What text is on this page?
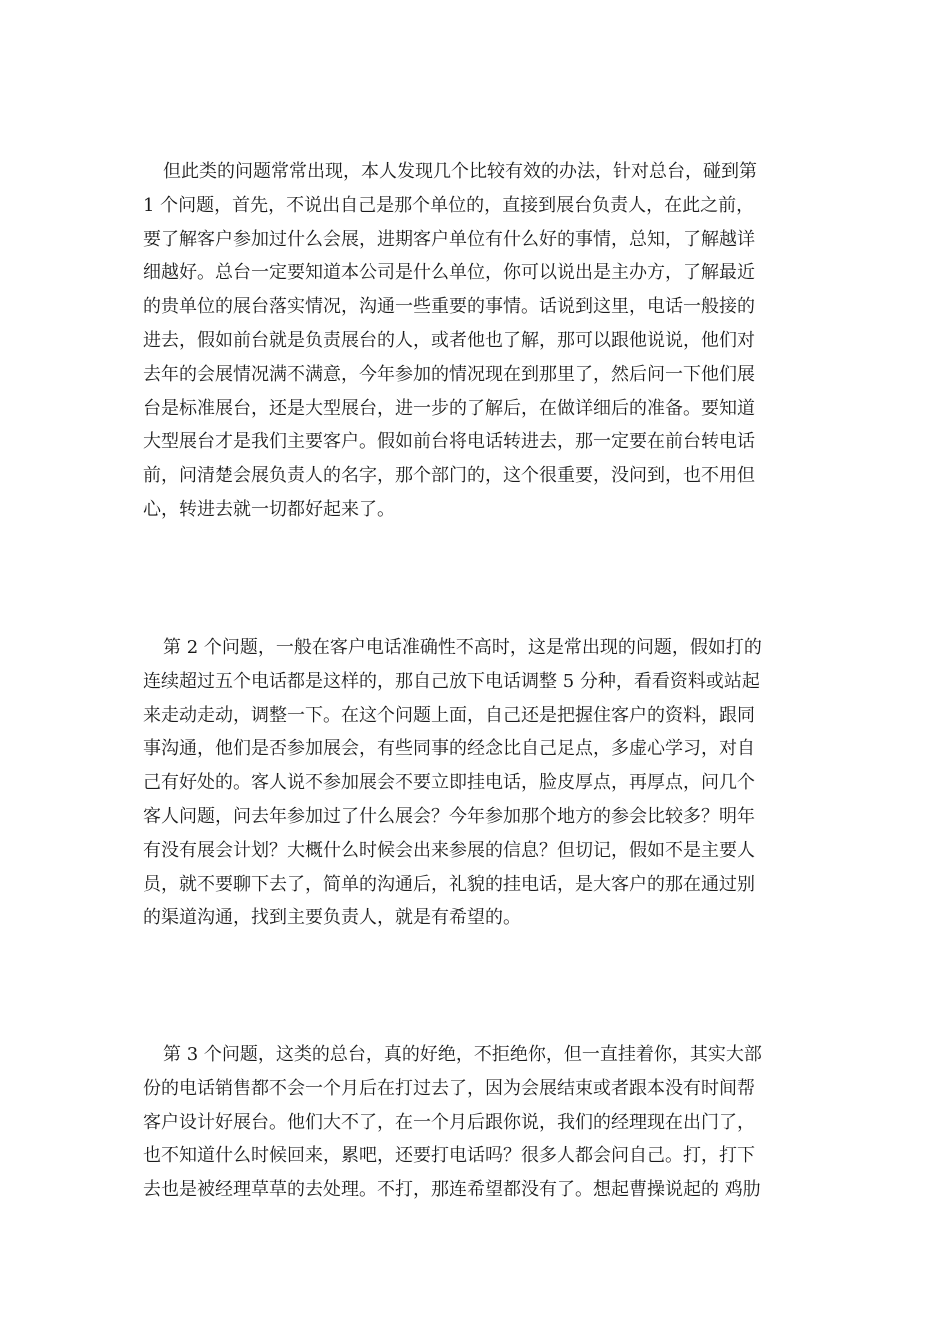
但此类的问题常常出现，本人发现几个比较有效的办法，针对总台，碰到第
1 个问题，首先，不说出自己是那个单位的，直接到展台负责人，在此之前，
要了解客户参加过什么会展，进期客户单位有什么好的事情，总知，了解越详
细越好。总台一定要知道本公司是什么单位，你可以说出是主办方，了解最近
的贵单位的展台落实情况，沟通一些重要的事情。话说到这里，电话一般接的
进去，假如前台就是负责展台的人，或者他也了解，那可以跟他说说，他们对
去年的会展情况满不满意，今年参加的情况现在到那里了，然后问一下他们展
台是标准展台，还是大型展台，进一步的了解后，在做详细后的准备。要知道
大型展台才是我们主要客户。假如前台将电话转进去，那一定要在前台转电话
前，问清楚会展负责人的名字，那个部门的，这个很重要，没问到，也不用但
心，转进去就一切都好起来了。
第 2 个问题，一般在客户电话准确性不高时，这是常出现的问题，假如打的
连续超过五个电话都是这样的，那自己放下电话调整 5 分种，看看资料或站起
来走动走动，调整一下。在这个问题上面，自己还是把握住客户的资料，跟同
事沟通，他们是否参加展会，有些同事的经念比自己足点，多虚心学习，对自
己有好处的。客人说不参加展会不要立即挂电话，脸皮厚点，再厚点，问几个
客人问题，问去年参加过了什么展会？今年参加那个地方的参会比较多？明年
有没有展会计划？大概什么时候会出来参展的信息？但切记，假如不是主要人
员，就不要聊下去了，简单的沟通后，礼貌的挂电话，是大客户的那在通过别
的渠道沟通，找到主要负责人，就是有希望的。
第 3 个问题，这类的总台，真的好绝，不拒绝你，但一直挂着你，其实大部
份的电话销售都不会一个月后在打过去了，因为会展结束或者跟本没有时间帮
客户设计好展台。他们大不了，在一个月后跟你说，我们的经理现在出门了，
也不知道什么时候回来，累吧，还要打电话吗？很多人都会问自己。打，打下
去也是被经理草草的去处理。不打，那连希望都没有了。想起曹操说起的 鸡肋
